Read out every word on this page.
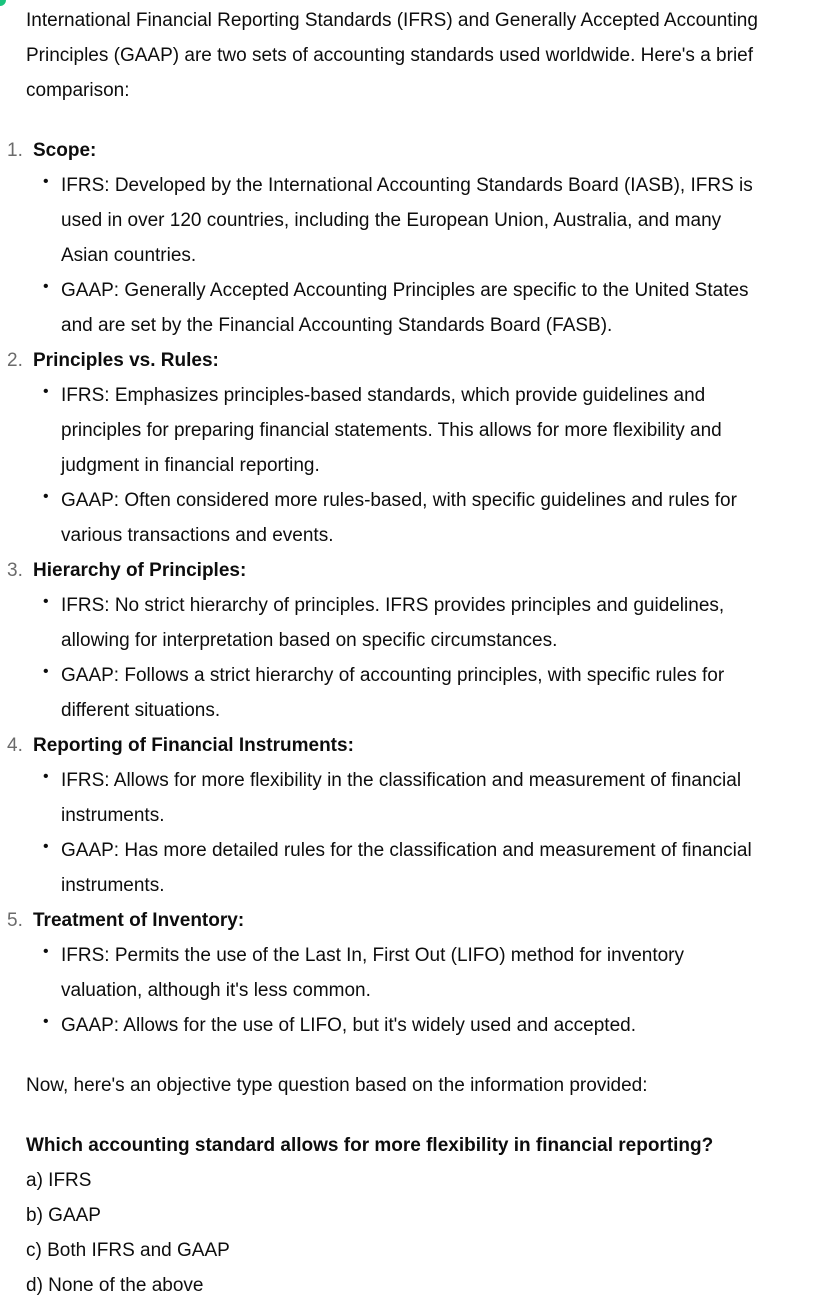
International Financial Reporting Standards (IFRS) and Generally Accepted Accounting Principles (GAAP) are two sets of accounting standards used worldwide. Here's a brief comparison:

1. Scope:
• IFRS: Developed by the International Accounting Standards Board (IASB), IFRS is used in over 120 countries, including the European Union, Australia, and many Asian countries.
• GAAP: Generally Accepted Accounting Principles are specific to the United States and are set by the Financial Accounting Standards Board (FASB).
2. Principles vs. Rules:
• IFRS: Emphasizes principles-based standards, which provide guidelines and principles for preparing financial statements. This allows for more flexibility and judgment in financial reporting.
• GAAP: Often considered more rules-based, with specific guidelines and rules for various transactions and events.
3. Hierarchy of Principles:
• IFRS: No strict hierarchy of principles. IFRS provides principles and guidelines, allowing for interpretation based on specific circumstances.
• GAAP: Follows a strict hierarchy of accounting principles, with specific rules for different situations.
4. Reporting of Financial Instruments:
• IFRS: Allows for more flexibility in the classification and measurement of financial instruments.
• GAAP: Has more detailed rules for the classification and measurement of financial instruments.
5. Treatment of Inventory:
• IFRS: Permits the use of the Last In, First Out (LIFO) method for inventory valuation, although it's less common.
• GAAP: Allows for the use of LIFO, but it's widely used and accepted.

Now, here's an objective type question based on the information provided:

Which accounting standard allows for more flexibility in financial reporting?

a) IFRS
b) GAAP
c) Both IFRS and GAAP
d) None of the above
